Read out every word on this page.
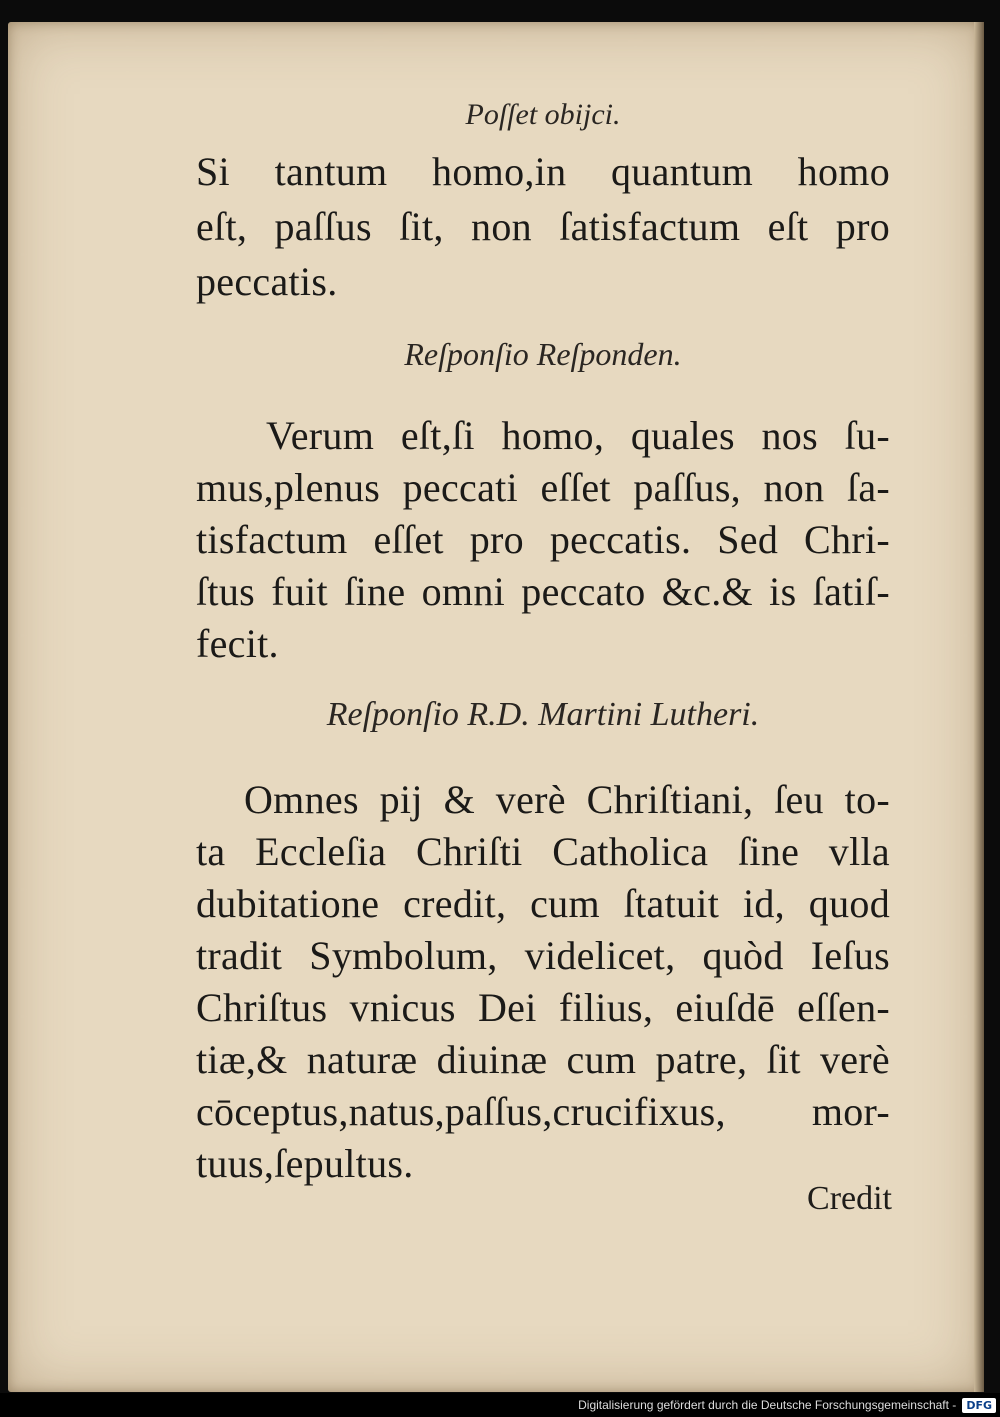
Poſſet obijci.

Si tantum homo,in quantum homo

eſt, paſſus ſit, non ſatisfactum eſt pro

peccatis.

Reſponſio Reſponden.

Verum eſt,ſi homo, quales nos ſu-

mus,plenus peccati eſſet paſſus, non ſa-

tisfactum eſſet pro peccatis. Sed Chri-

ſtus fuit ſine omni peccato &c.& is ſatiſ-

fecit.

Reſponſio R.D. Martini Lutheri.

Omnes pij & verè Chriſtiani, ſeu to-

ta Eccleſia Chriſti Catholica ſine vlla

dubitatione credit, cum ſtatuit id, quod

tradit Symbolum, videlicet, quòd Ieſus

Chriſtus vnicus Dei filius, eiuſdē eſſen-

tiæ,& naturæ diuinæ cum patre, ſit verè

cōceptus,natus,paſſus,crucifixus, mor-

tuus,ſepultus.

Credit
Digitalisierung gefördert durch die Deutsche Forschungsgemeinschaft - DFG
